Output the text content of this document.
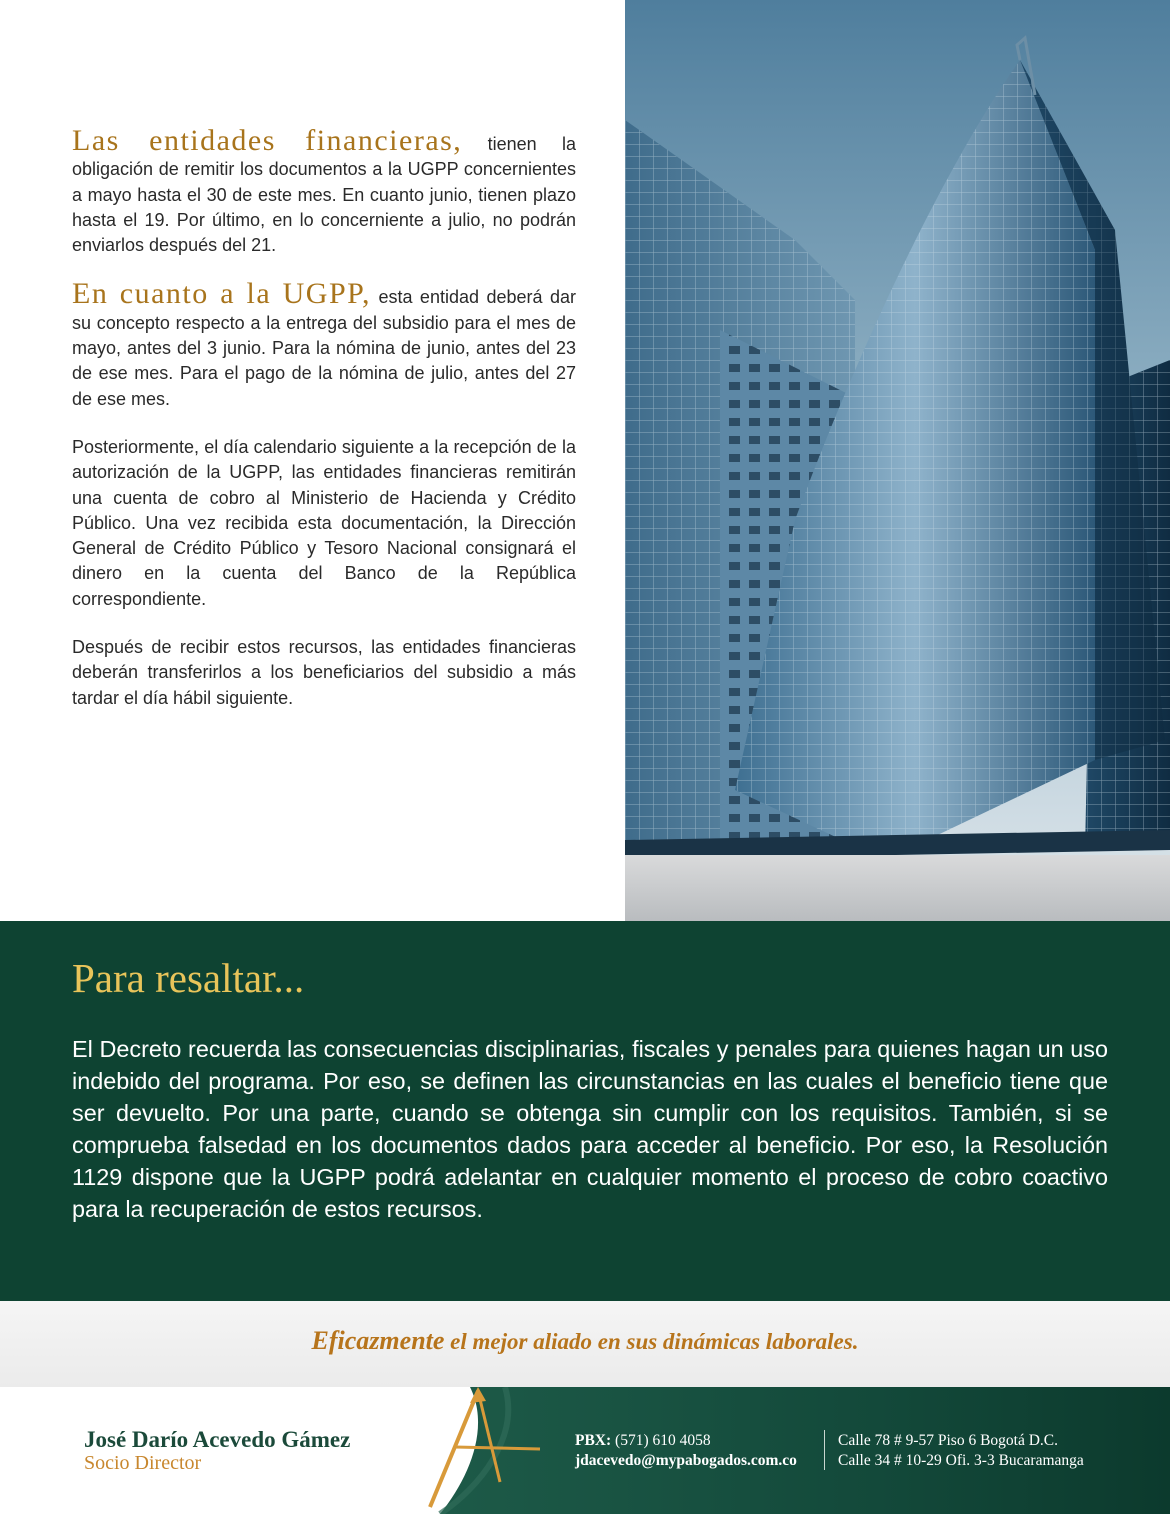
Las entidades financieras, tienen la obligación de remitir los documentos a la UGPP concernientes a mayo hasta el 30 de este mes. En cuanto junio, tienen plazo hasta el 19. Por último, en lo concerniente a julio, no podrán enviarlos después del 21.

En cuanto a la UGPP, esta entidad deberá dar su concepto respecto a la entrega del subsidio para el mes de mayo, antes del 3 junio. Para la nómina de junio, antes del 23 de ese mes. Para el pago de la nómina de julio, antes del 27 de ese mes.

Posteriormente, el día calendario siguiente a la recepción de la autorización de la UGPP, las entidades financieras remitirán una cuenta de cobro al Ministerio de Hacienda y Crédito Público. Una vez recibida esta documentación, la Dirección General de Crédito Público y Tesoro Nacional consignará el dinero en la cuenta del Banco de la República correspondiente.

Después de recibir estos recursos, las entidades financieras deberán transferirlos a los beneficiarios del subsidio a más tardar el día hábil siguiente.

Para resaltar...
El Decreto recuerda las consecuencias disciplinarias, fiscales y penales para quienes hagan un uso indebido del programa. Por eso, se definen las circunstancias en las cuales el beneficio tiene que ser devuelto. Por una parte, cuando se obtenga sin cumplir con los requisitos. También, si se comprueba falsedad en los documentos dados para acceder al beneficio. Por eso, la Resolución 1129 dispone que la UGPP podrá adelantar en cualquier momento el proceso de cobro coactivo para la recuperación de estos recursos.
Eficazmente el mejor aliado en sus dinámicas laborales.
José Darío Acevedo Gámez
Socio Director
PBX: (571) 610 4058
jdacevedo@mypabogados.com.co
Calle 78 # 9-57 Piso 6 Bogotá D.C.
Calle 34 # 10-29 Ofi. 3-3 Bucaramanga
